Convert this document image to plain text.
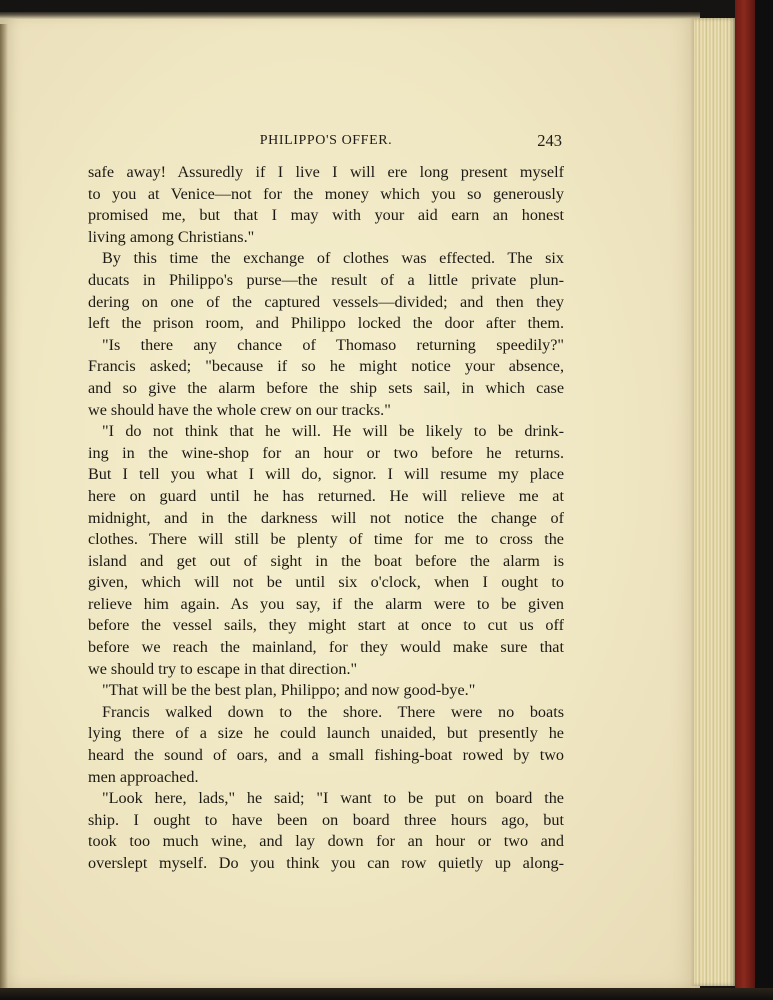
PHILIPPO'S OFFER.	243
safe away! Assuredly if I live I will ere long present myself
to you at Venice—not for the money which you so generously
promised me, but that I may with your aid earn an honest
living among Christians."
By this time the exchange of clothes was effected. The six
ducats in Philippo's purse—the result of a little private plun-
dering on one of the captured vessels—divided; and then they
left the prison room, and Philippo locked the door after them.
"Is there any chance of Thomaso returning speedily?"
Francis asked; "because if so he might notice your absence,
and so give the alarm before the ship sets sail, in which case
we should have the whole crew on our tracks."
"I do not think that he will. He will be likely to be drink-
ing in the wine-shop for an hour or two before he returns.
But I tell you what I will do, signor. I will resume my place
here on guard until he has returned. He will relieve me at
midnight, and in the darkness will not notice the change of
clothes. There will still be plenty of time for me to cross the
island and get out of sight in the boat before the alarm is
given, which will not be until six o'clock, when I ought to
relieve him again. As you say, if the alarm were to be given
before the vessel sails, they might start at once to cut us off
before we reach the mainland, for they would make sure that
we should try to escape in that direction."
"That will be the best plan, Philippo; and now good-bye."
Francis walked down to the shore. There were no boats
lying there of a size he could launch unaided, but presently he
heard the sound of oars, and a small fishing-boat rowed by two
men approached.
"Look here, lads," he said; "I want to be put on board the
ship. I ought to have been on board three hours ago, but
took too much wine, and lay down for an hour or two and
overslept myself. Do you think you can row quietly up along-
